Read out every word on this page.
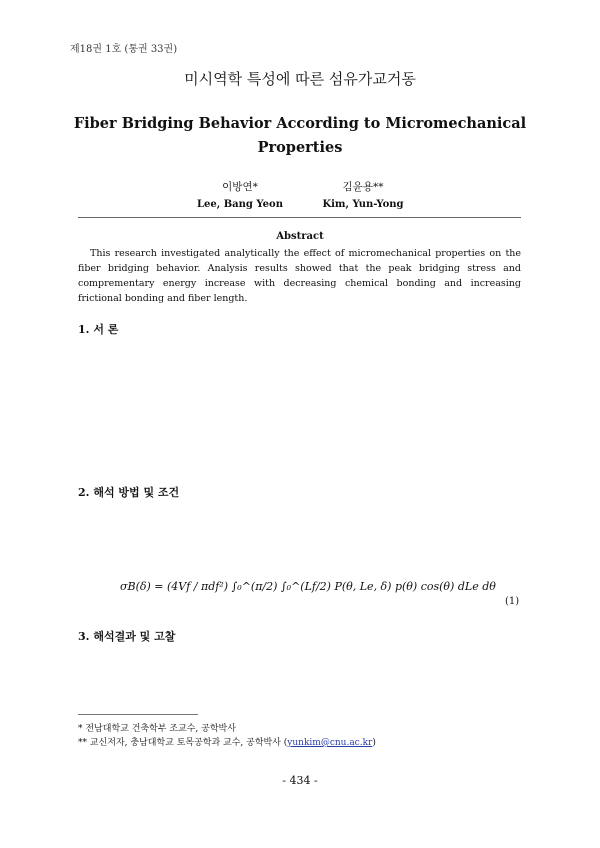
제18권 1호 (통권 33권)
미시역학 특성에 따른 섬유가교거동
Fiber Bridging Behavior According to Micromechanical Properties
이방연*
Lee, Bang Yeon
김윤용**
Kim, Yun-Yong
Abstract
This research investigated analytically the effect of micromechanical properties on the fiber bridging behavior. Analysis results showed that the peak bridging stress and comprementary energy increase with decreasing chemical bonding and increasing frictional bonding and fiber length.
1. 서 론
2. 해석 방법 및 조건
σB(δ) = (4Vf / πdf²) ∫₀^(π/2) ∫₀^(Lf/2) P(θ, Le, δ) p(θ) cos(θ) dLe dθ
(1)
3. 해석결과 및 고찰
* 전남대학교 건축학부 조교수, 공학박사
** 교신저자, 충남대학교 토목공학과 교수, 공학박사 (yunkim@cnu.ac.kr)
- 434 -
